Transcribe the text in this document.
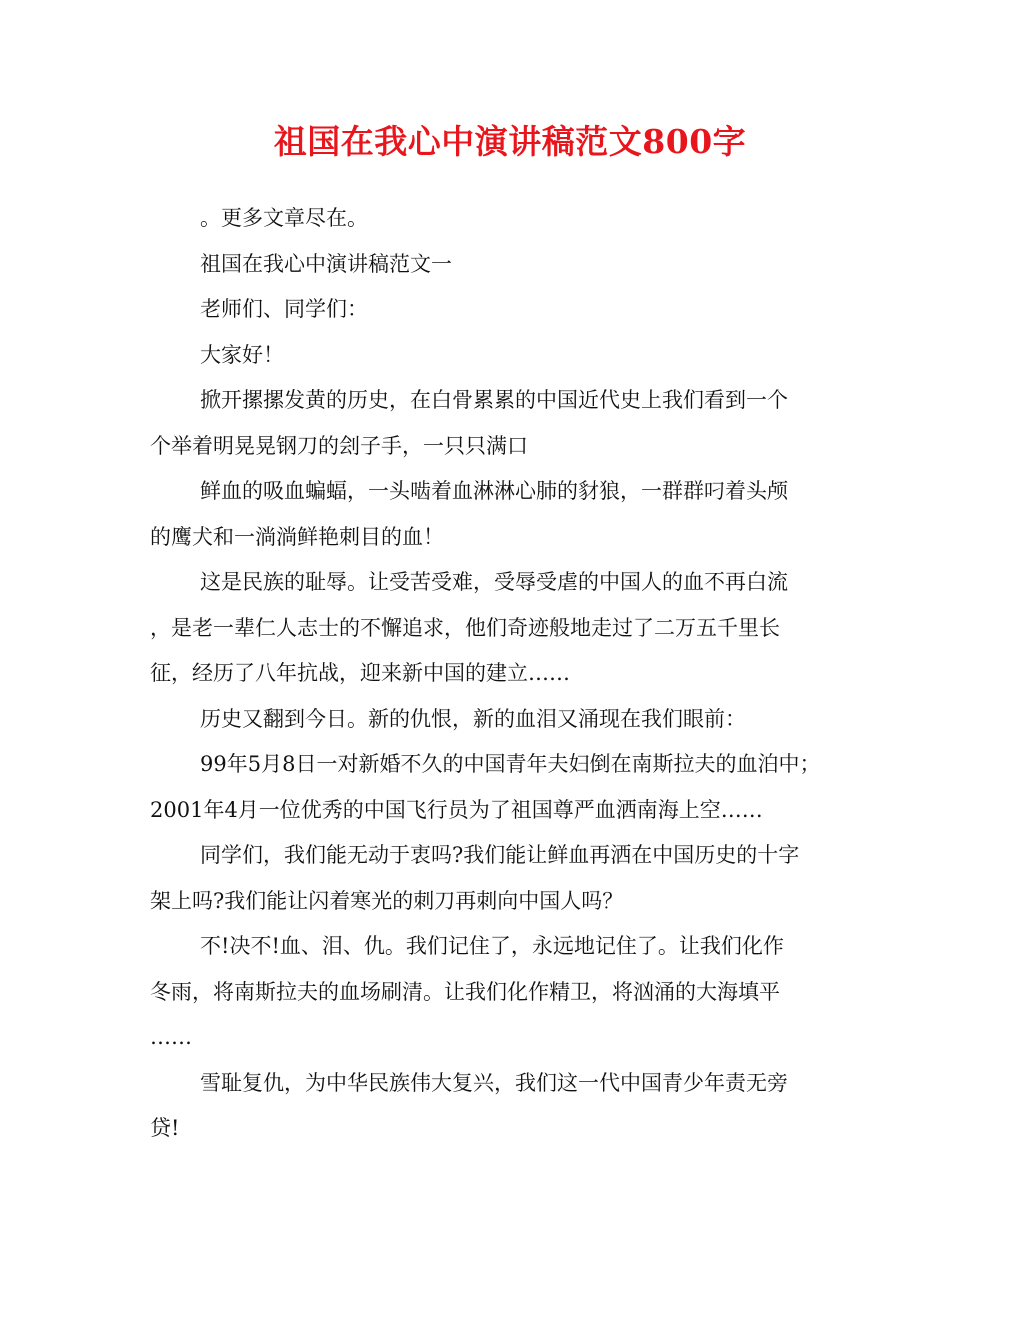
祖国在我心中演讲稿范文800字

。更多文章尽在。

祖国在我心中演讲稿范文一

老师们、同学们：

大家好！

掀开摞摞发黄的历史，在白骨累累的中国近代史上我们看到一个

个举着明晃晃钢刀的刽子手，一只只满口

鲜血的吸血蝙蝠，一头啮着血淋淋心肺的豺狼，一群群叼着头颅

的鹰犬和一淌淌鲜艳刺目的血！

这是民族的耻辱。让受苦受难，受辱受虐的中国人的血不再白流

，是老一辈仁人志士的不懈追求，他们奇迹般地走过了二万五千里长

征，经历了八年抗战，迎来新中国的建立……

历史又翻到今日。新的仇恨，新的血泪又涌现在我们眼前：

99年5月8日一对新婚不久的中国青年夫妇倒在南斯拉夫的血泊中；

2001年4月一位优秀的中国飞行员为了祖国尊严血洒南海上空……

同学们，我们能无动于衷吗?我们能让鲜血再洒在中国历史的十字

架上吗?我们能让闪着寒光的刺刀再刺向中国人吗？

不!决不!血、泪、仇。我们记住了，永远地记住了。让我们化作

冬雨，将南斯拉夫的血场刷清。让我们化作精卫，将汹涌的大海填平

……

雪耻复仇，为中华民族伟大复兴，我们这一代中国青少年责无旁

贷!
